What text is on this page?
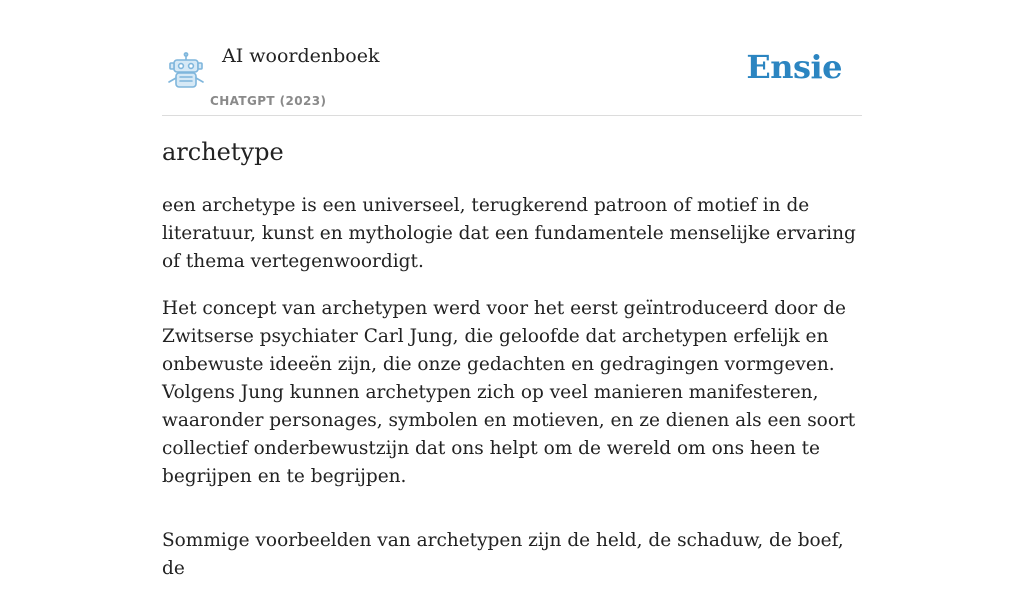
AI woordenboek
CHATGPT (2023)
Ensie
archetype

een archetype is een universeel, terugkerend patroon of motief in de literatuur, kunst en mythologie dat een fundamentele menselijke ervaring of thema vertegenwoordigt.

Het concept van archetypen werd voor het eerst geïntroduceerd door de Zwitserse psychiater Carl Jung, die geloofde dat archetypen erfelijk en onbewuste ideeën zijn, die onze gedachten en gedragingen vormgeven. Volgens Jung kunnen archetypen zich op veel manieren manifesteren, waaronder personages, symbolen en motieven, en ze dienen als een soort collectief onderbewustzijn dat ons helpt om de wereld om ons heen te begrijpen en te begrijpen.

Sommige voorbeelden van archetypen zijn de held, de schaduw, de boef, de
